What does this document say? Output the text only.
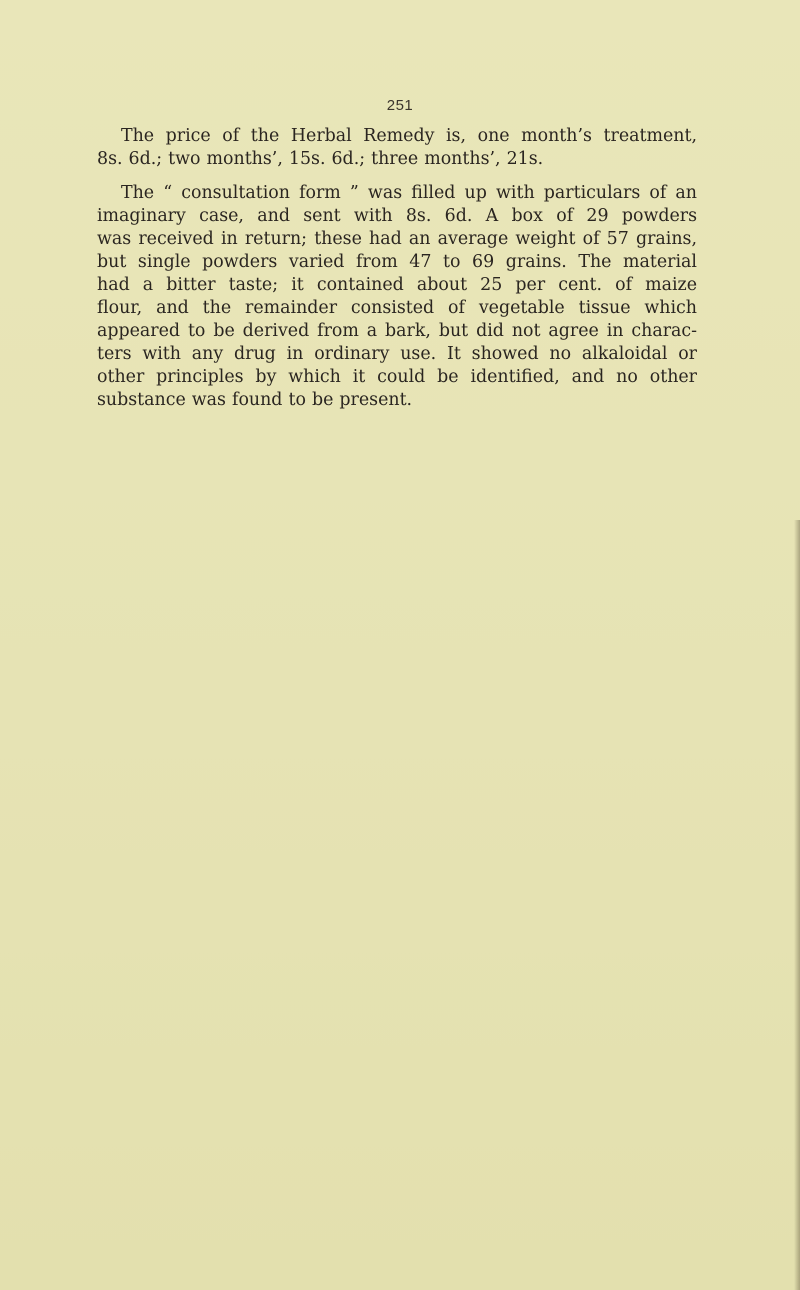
251
The price of the Herbal Remedy is, one month’s treatment,
8s. 6d.; two months’, 15s. 6d.; three months’, 21s.
The “ consultation form ” was filled up with particulars of an
imaginary case, and sent with 8s. 6d. A box of 29 powders
was received in return; these had an average weight of 57 grains,
but single powders varied from 47 to 69 grains. The material
had a bitter taste; it contained about 25 per cent. of maize
flour, and the remainder consisted of vegetable tissue which
appeared to be derived from a bark, but did not agree in charac-
ters with any drug in ordinary use. It showed no alkaloidal or
other principles by which it could be identified, and no other
substance was found to be present.
